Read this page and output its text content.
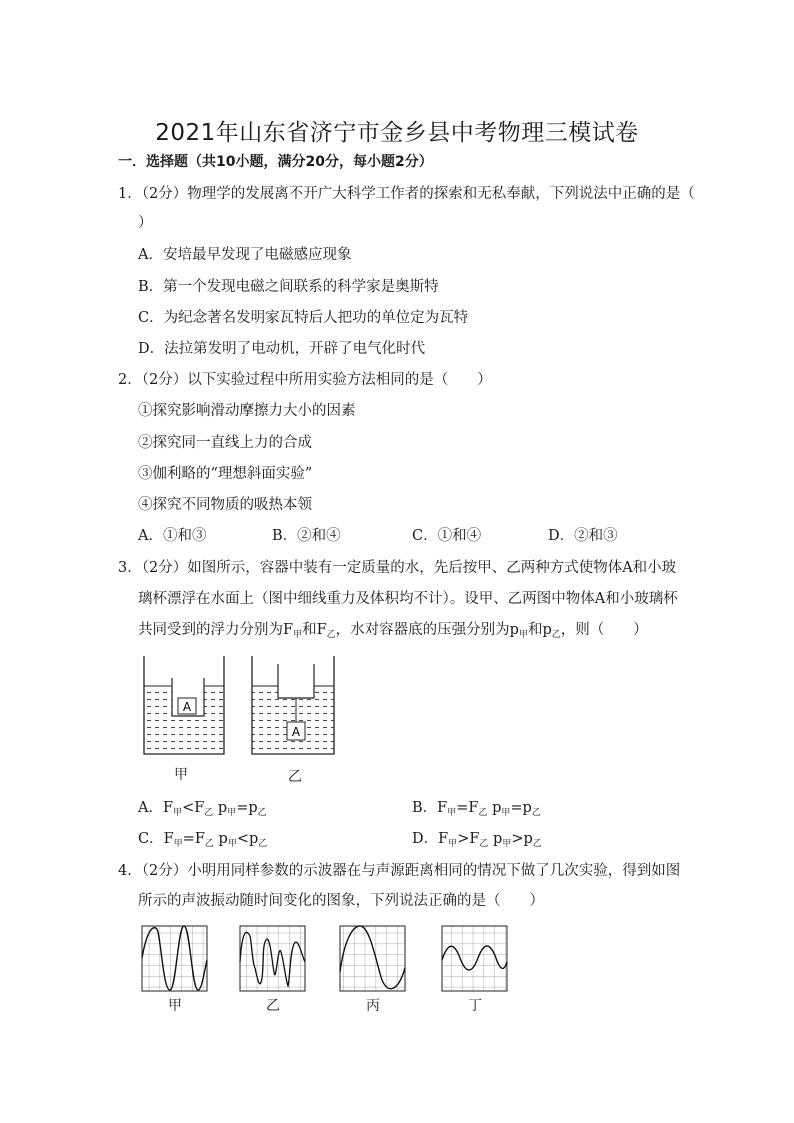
2021年山东省济宁市金乡县中考物理三模试卷
一．选择题（共10小题，满分20分，每小题2分）
1．（2分）物理学的发展离不开广大科学工作者的探索和无私奉献，下列说法中正确的是（
）
A．安培最早发现了电磁感应现象
B．第一个发现电磁之间联系的科学家是奥斯特
C．为纪念著名发明家瓦特后人把功的单位定为瓦特
D．法拉第发明了电动机，开辟了电气化时代
2．（2分）以下实验过程中所用实验方法相同的是（　　）
①探究影响滑动摩擦力大小的因素
②探究同一直线上力的合成
③伽利略的“理想斜面实验”
④探究不同物质的吸热本领
A．①和③	B．②和④	C．①和④	D．②和③
3．（2分）如图所示，容器中装有一定质量的水，先后按甲、乙两种方式使物体A和小玻
璃杯漂浮在水面上（图中细线重力及体积均不计）。设甲、乙两图中物体A和小玻璃杯
共同受到的浮力分别为$F_甲$和$F_乙$，水对容器底的压强分别为$p_甲$和$p_乙$，则（　　）
A
A
甲	乙
A．$F_甲<F_乙$ $p_甲=p_乙$	B．$F_甲=F_乙$ $p_甲=p_乙$
C．$F_甲=F_乙$ $p_甲<p_乙$	D．$F_甲>F_乙$ $p_甲>p_乙$
4．（2分）小明用同样参数的示波器在与声源距离相同的情况下做了几次实验，得到如图
所示的声波振动随时间变化的图象，下列说法正确的是（　　）
甲	乙	丙	丁
